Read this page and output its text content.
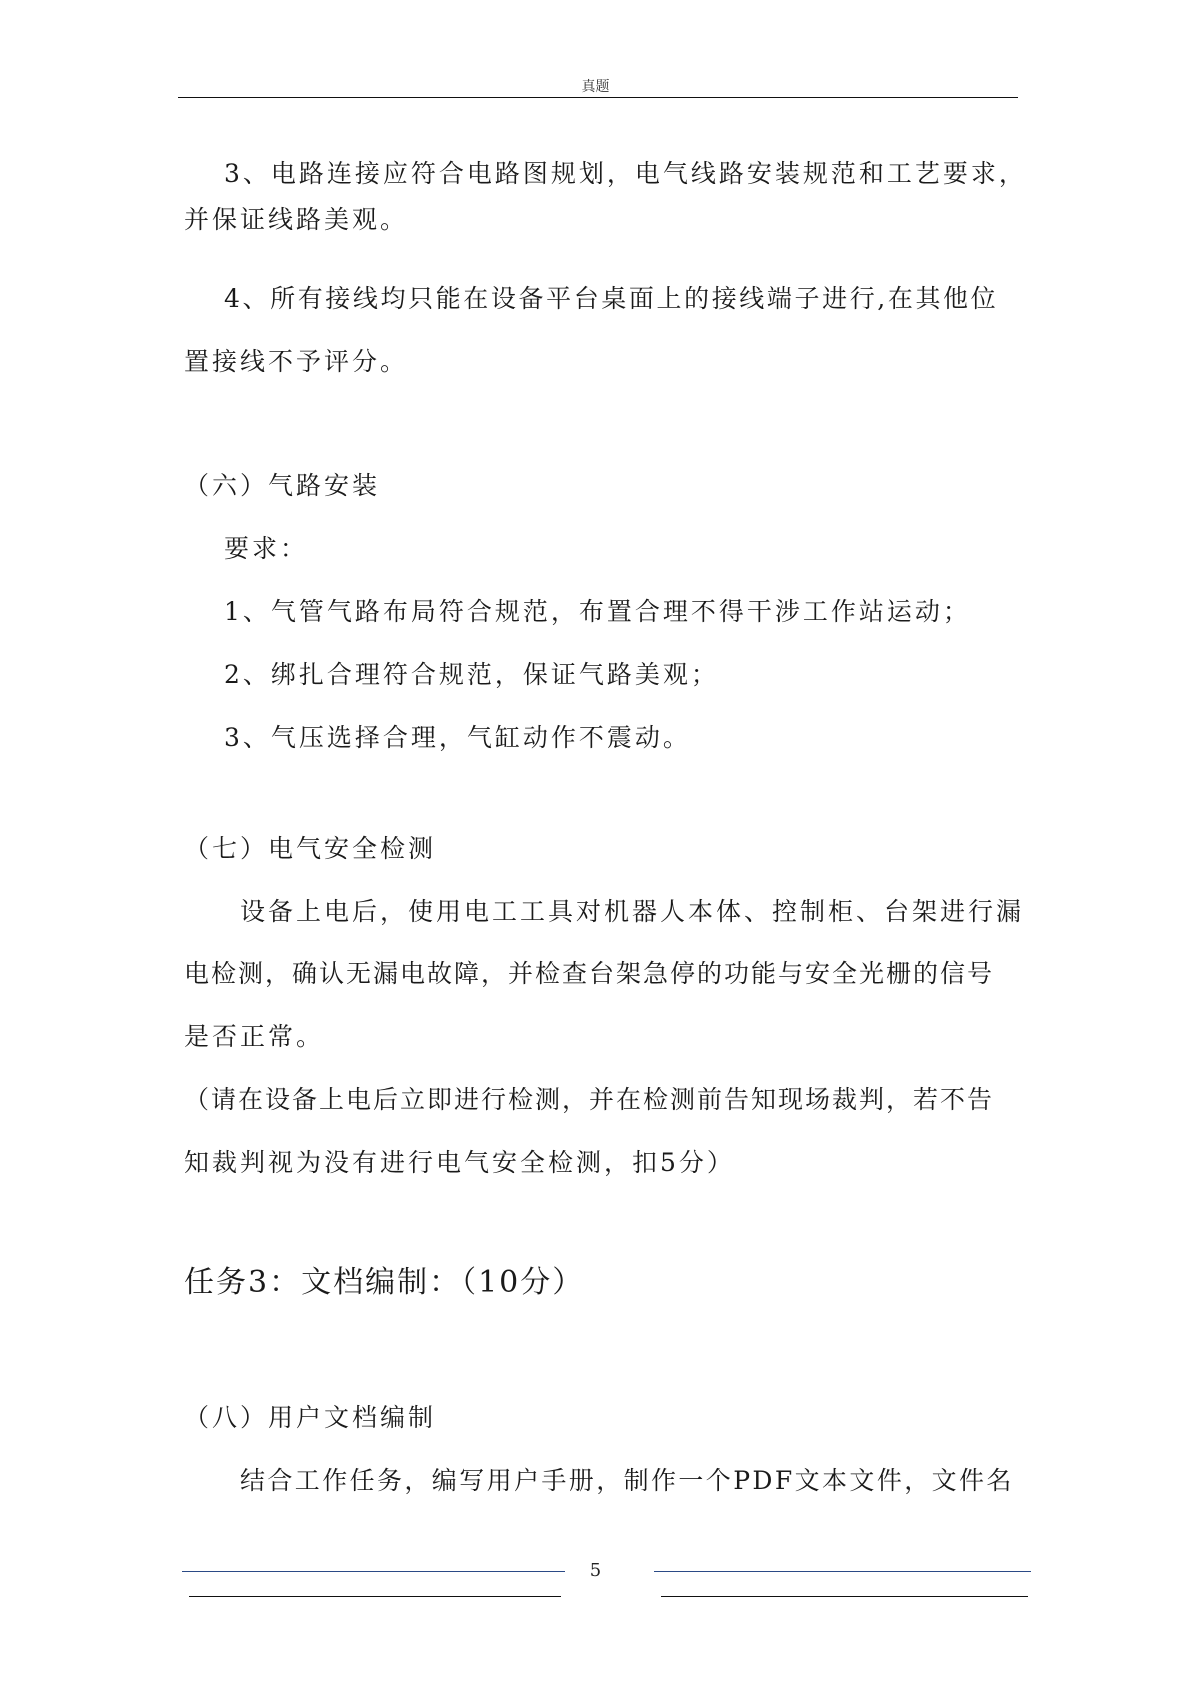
真题
3、电路连接应符合电路图规划，电气线路安装规范和工艺要求，
并保证线路美观。
4、所有接线均只能在设备平台桌面上的接线端子进行,在其他位
置接线不予评分。
（六）气路安装
要求：
1、气管气路布局符合规范，布置合理不得干涉工作站运动；
2、绑扎合理符合规范，保证气路美观；
3、气压选择合理，气缸动作不震动。
（七）电气安全检测
设备上电后，使用电工工具对机器人本体、控制柜、台架进行漏
电检测，确认无漏电故障，并检查台架急停的功能与安全光栅的信号
是否正常。
（请在设备上电后立即进行检测，并在检测前告知现场裁判，若不告
知裁判视为没有进行电气安全检测，扣5分）
任务3：文档编制：（10分）
（八）用户文档编制
结合工作任务，编写用户手册，制作一个PDF文本文件，文件名
5
